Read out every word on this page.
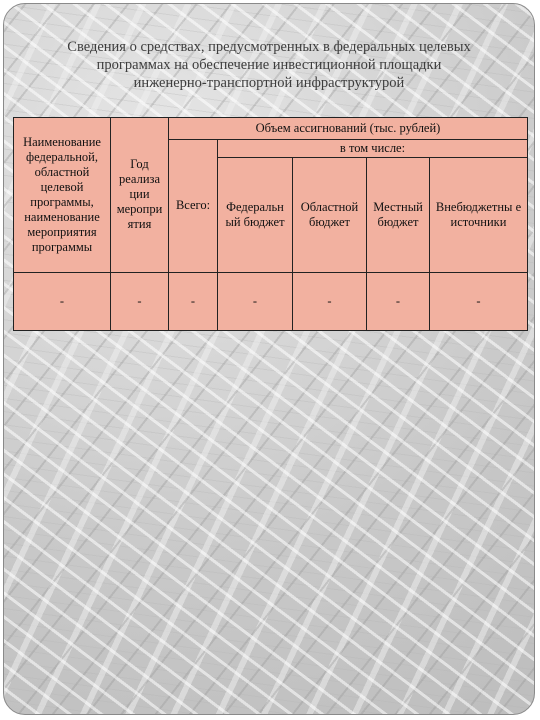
Сведения о средствах, предусмотренных в федеральных целевых
программах на обеспечение инвестиционной площадки
инженерно-транспортной инфраструктурой
Наименование федеральной, областной целевой программы, наименование мероприятия программы	Год реализа ции меропри ятия	Объем ассигнований (тыс. рублей)				
		Всего:	в том числе:			
			Федеральн ый бюджет	Областной бюджет	Местный бюджет	Внебюджетны е источники
-	-	-	-	-	-	-
